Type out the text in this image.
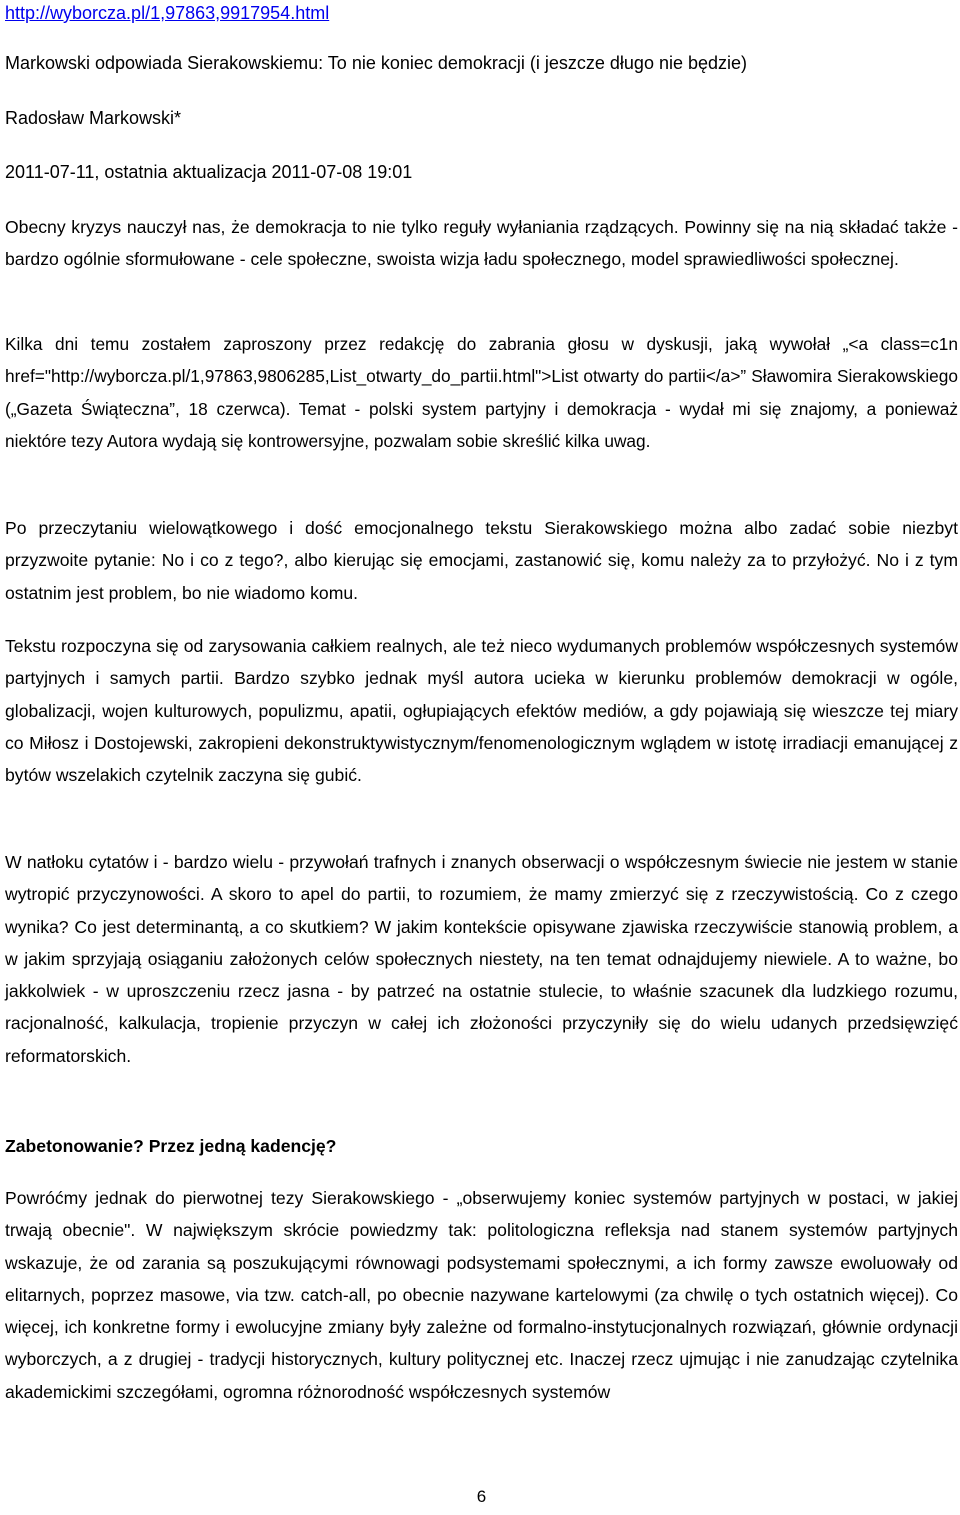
http://wyborcza.pl/1,97863,9917954.html
Markowski odpowiada Sierakowskiemu: To nie koniec demokracji (i jeszcze długo nie będzie)
Radosław Markowski*
2011-07-11, ostatnia aktualizacja 2011-07-08 19:01

Obecny kryzys nauczył nas, że demokracja to nie tylko reguły wyłaniania rządzących. Powinny się na nią składać także - bardzo ogólnie sformułowane - cele społeczne, swoista wizja ładu społecznego, model sprawiedliwości społecznej.

Kilka dni temu zostałem zaproszony przez redakcję do zabrania głosu w dyskusji, jaką wywołał „<a class=c1n href="http://wyborcza.pl/1,97863,9806285,List_otwarty_do_partii.html">List otwarty do partii</a>” Sławomira Sierakowskiego („Gazeta Świąteczna”, 18 czerwca). Temat - polski system partyjny i demokracja - wydał mi się znajomy, a ponieważ niektóre tezy Autora wydają się kontrowersyjne, pozwalam sobie skreślić kilka uwag.

Po przeczytaniu wielowątkowego i dość emocjonalnego tekstu Sierakowskiego można albo zadać sobie niezbyt przyzwoite pytanie: No i co z tego?, albo kierując się emocjami, zastanowić się, komu należy za to przyłożyć. No i z tym ostatnim jest problem, bo nie wiadomo komu.

Tekstu rozpoczyna się od zarysowania całkiem realnych, ale też nieco wydumanych problemów współczesnych systemów partyjnych i samych partii. Bardzo szybko jednak myśl autora ucieka w kierunku problemów demokracji w ogóle, globalizacji, wojen kulturowych, populizmu, apatii, ogłupiających efektów mediów, a gdy pojawiają się wieszcze tej miary co Miłosz i Dostojewski, zakropieni dekonstruktywistycznym/fenomenologicznym wglądem w istotę irradiacji emanującej z bytów wszelakich czytelnik zaczyna się gubić.

W natłoku cytatów i - bardzo wielu - przywołań trafnych i znanych obserwacji o współczesnym świecie nie jestem w stanie wytropić przyczynowości. A skoro to apel do partii, to rozumiem, że mamy zmierzyć się z rzeczywistością. Co z czego wynika? Co jest determinantą, a co skutkiem? W jakim kontekście opisywane zjawiska rzeczywiście stanowią problem, a w jakim sprzyjają osiąganiu założonych celów społecznych niestety, na ten temat odnajdujemy niewiele. A to ważne, bo jakkolwiek - w uproszczeniu rzecz jasna - by patrzeć na ostatnie stulecie, to właśnie szacunek dla ludzkiego rozumu, racjonalność, kalkulacja, tropienie przyczyn w całej ich złożoności przyczyniły się do wielu udanych przedsięwzięć reformatorskich.

Zabetonowanie? Przez jedną kadencję?

Powróćmy jednak do pierwotnej tezy Sierakowskiego - „obserwujemy koniec systemów partyjnych w postaci, w jakiej trwają obecnie". W największym skrócie powiedzmy tak: politologiczna refleksja nad stanem systemów partyjnych wskazuje, że od zarania są poszukującymi równowagi podsystemami społecznymi, a ich formy zawsze ewoluowały od elitarnych, poprzez masowe, via tzw. catch-all, po obecnie nazywane kartelowymi (za chwilę o tych ostatnich więcej). Co więcej, ich konkretne formy i ewolucyjne zmiany były zależne od formalno-instytucjonalnych rozwiązań, głównie ordynacji wyborczych, a z drugiej - tradycji historycznych, kultury politycznej etc. Inaczej rzecz ujmując i nie zanudzając czytelnika akademickimi szczegółami, ogromna różnorodność współczesnych systemów

6
